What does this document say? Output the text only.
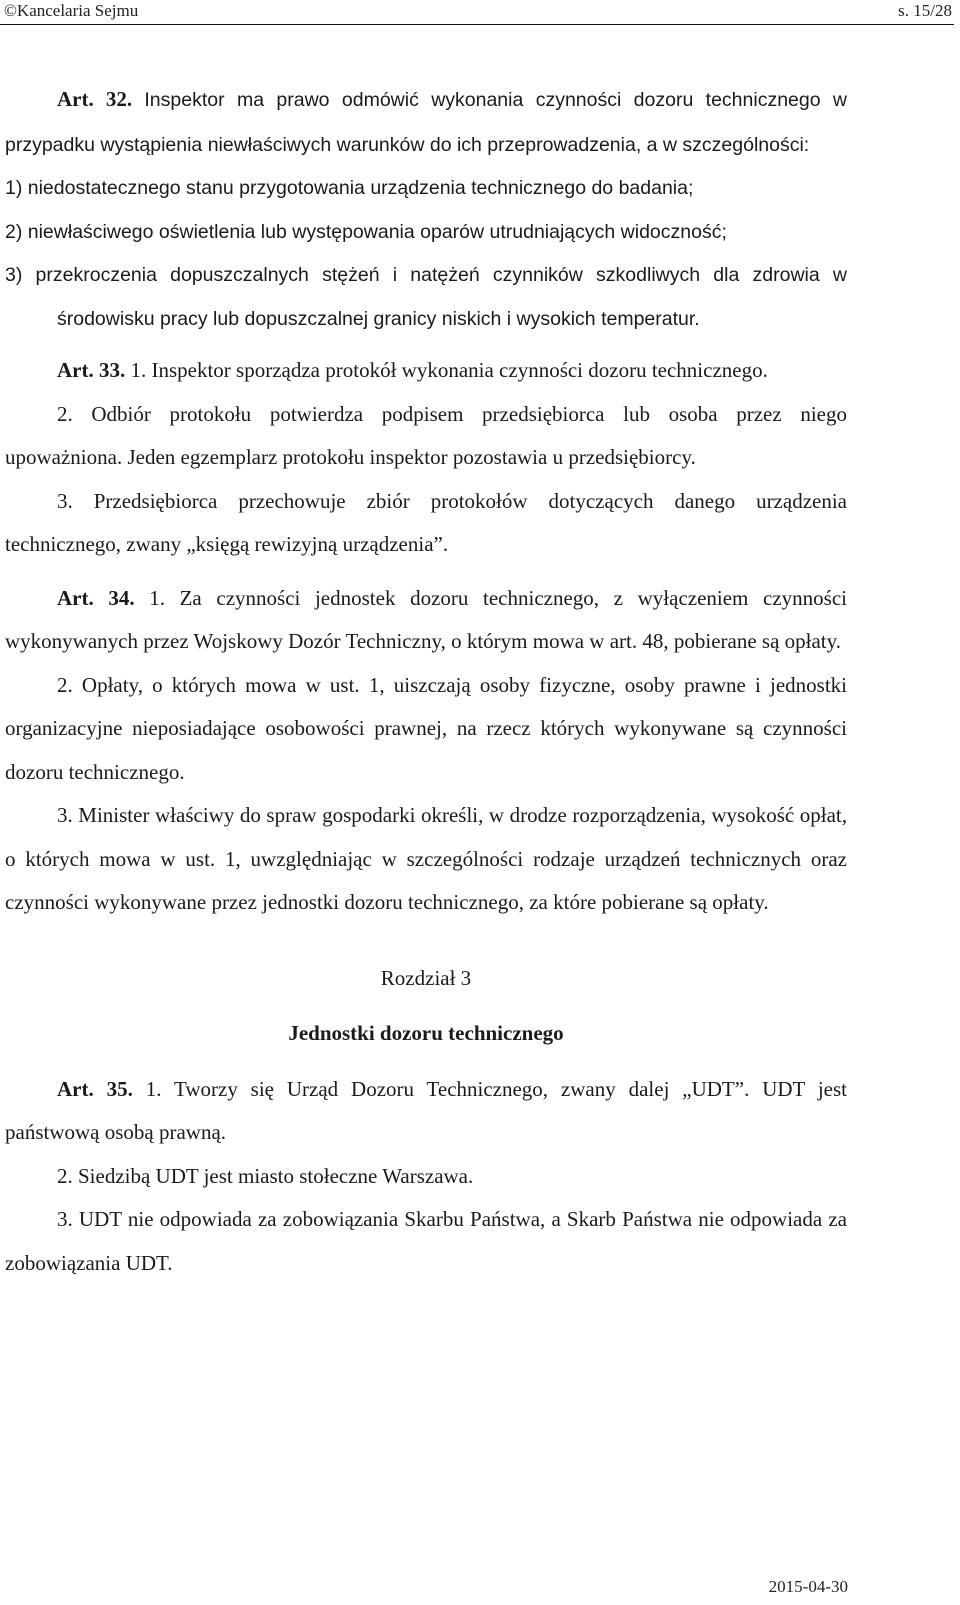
©Kancelaria Sejmu	s. 15/28

Art. 32. Inspektor ma prawo odmówić wykonania czynności dozoru technicznego w przypadku wystąpienia niewłaściwych warunków do ich przeprowadzenia, a w szczególności:

1) niedostatecznego stanu przygotowania urządzenia technicznego do badania;

2) niewłaściwego oświetlenia lub występowania oparów utrudniających widoczność;

3) przekroczenia dopuszczalnych stężeń i natężeń czynników szkodliwych dla zdrowia w środowisku pracy lub dopuszczalnej granicy niskich i wysokich temperatur.

Art. 33. 1. Inspektor sporządza protokół wykonania czynności dozoru technicznego.

2. Odbiór protokołu potwierdza podpisem przedsiębiorca lub osoba przez niego upoważniona. Jeden egzemplarz protokołu inspektor pozostawia u przedsiębiorcy.

3. Przedsiębiorca przechowuje zbiór protokołów dotyczących danego urządzenia technicznego, zwany „księgą rewizyjną urządzenia”.

Art. 34. 1. Za czynności jednostek dozoru technicznego, z wyłączeniem czynności wykonywanych przez Wojskowy Dozór Techniczny, o którym mowa w art. 48, pobierane są opłaty.

2. Opłaty, o których mowa w ust. 1, uiszczają osoby fizyczne, osoby prawne i jednostki organizacyjne nieposiadające osobowości prawnej, na rzecz których wykonywane są czynności dozoru technicznego.

3. Minister właściwy do spraw gospodarki określi, w drodze rozporządzenia, wysokość opłat, o których mowa w ust. 1, uwzględniając w szczególności rodzaje urządzeń technicznych oraz czynności wykonywane przez jednostki dozoru technicznego, za które pobierane są opłaty.

Rozdział 3

Jednostki dozoru technicznego

Art. 35. 1. Tworzy się Urząd Dozoru Technicznego, zwany dalej „UDT”. UDT jest państwową osobą prawną.

2. Siedzibą UDT jest miasto stołeczne Warszawa.

3. UDT nie odpowiada za zobowiązania Skarbu Państwa, a Skarb Państwa nie odpowiada za zobowiązania UDT.

2015-04-30
